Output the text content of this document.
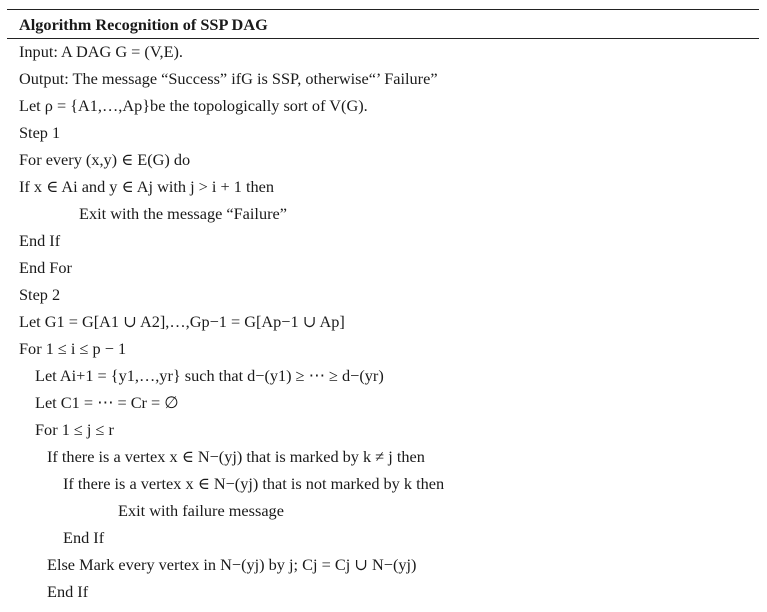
Algorithm Recognition of SSP DAG
Input: A DAG G = (V,E).
Output: The message “Success” ifG is SSP, otherwise“’ Failure”
Let ρ = {A1,…,Ap}be the topologically sort of V(G).
Step 1
For every (x,y) ∈ E(G) do
If x ∈ Ai and y ∈ Aj with j > i + 1 then
Exit with the message “Failure”
End If
End For
Step 2
Let G1 = G[A1 ∪ A2],…,Gp−1 = G[Ap−1 ∪ Ap]
For 1 ≤ i ≤ p − 1
Let Ai+1 = {y1,…,yr} such that d−(y1) ≥ ⋯ ≥ d−(yr)
Let C1 = ⋯ = Cr = ∅
For 1 ≤ j ≤ r
If there is a vertex x ∈ N−(yj) that is marked by k ≠ j then
If there is a vertex x ∈ N−(yj) that is not marked by k then
Exit with failure message
End If
Else Mark every vertex in N−(yj) by j; Cj = Cj ∪ N−(yj)
End If
